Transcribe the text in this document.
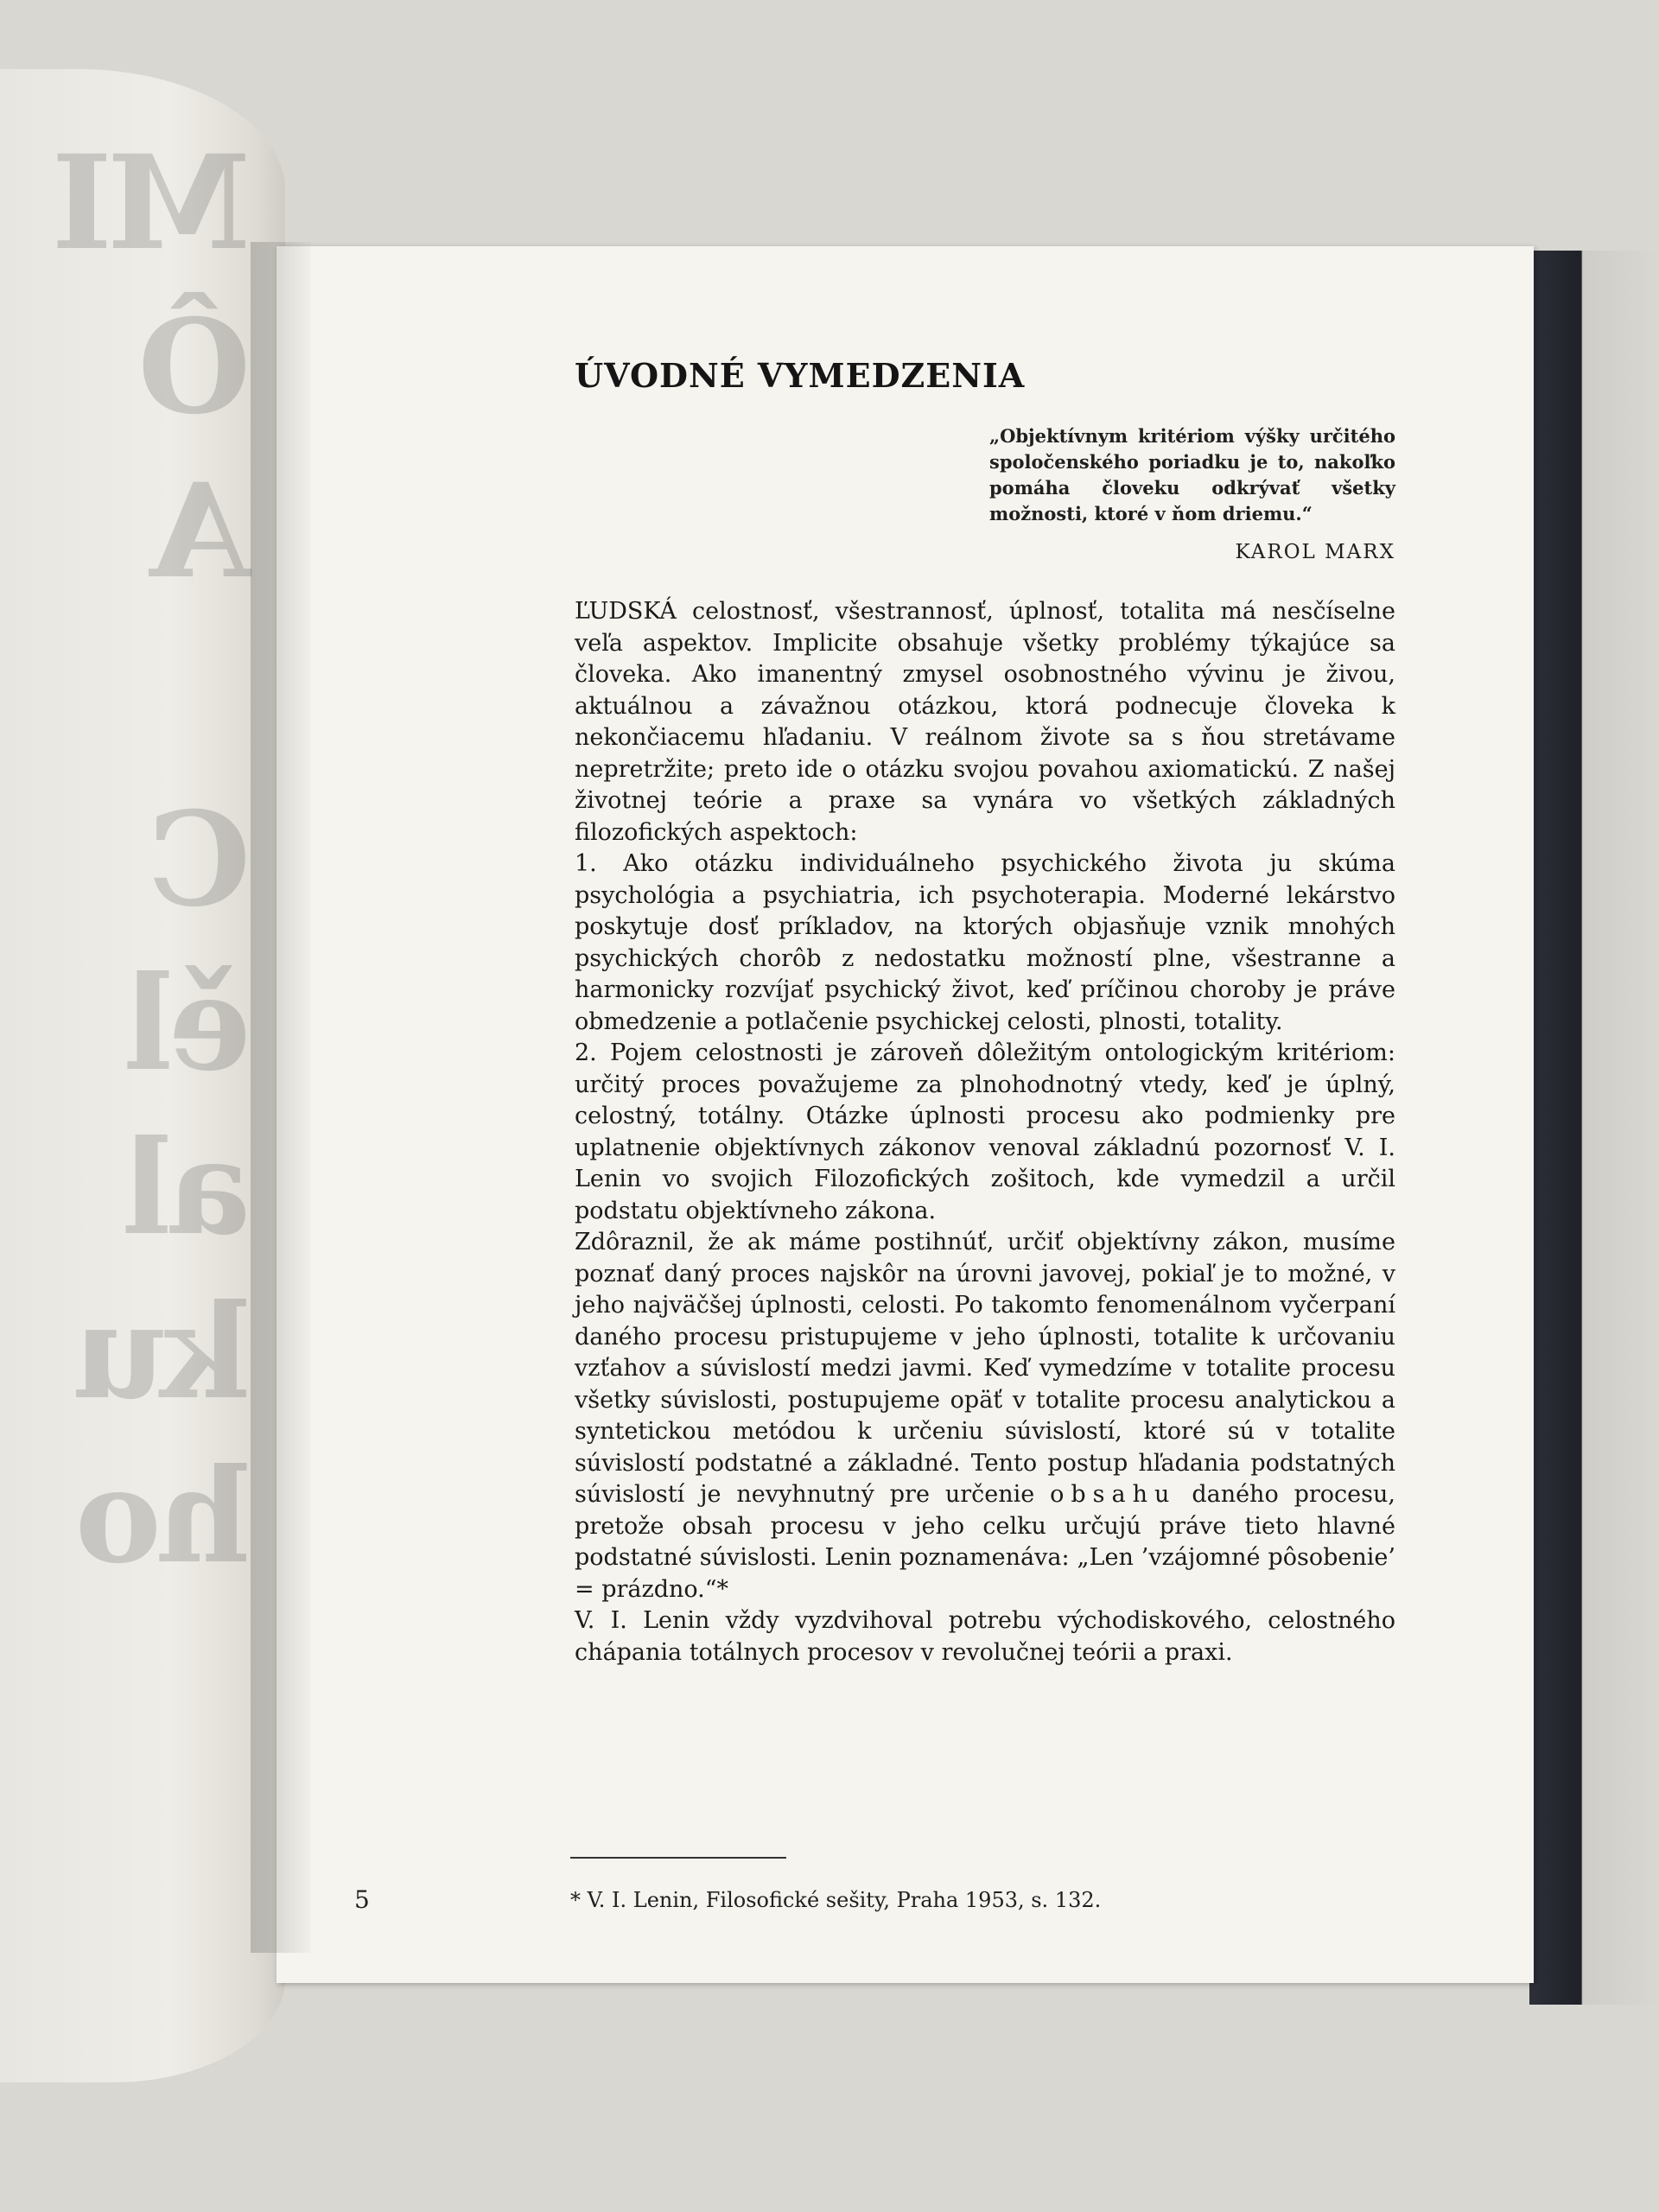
MI
Ô
A

C
ěl
al
ku
ho
ÚVODNÉ VYMEDZENIA
„Objektívnym kritériom výšky určitého spoločenského poriadku je to, nakoľko pomáha človeku odkrývať všetky možnosti, ktoré v ňom driemu.“
KAROL MARX

ĽUDSKÁ celostnosť, všestrannosť, úplnosť, totalita má nesčíselne veľa aspektov. Implicite obsahuje všetky problémy týkajúce sa človeka. Ako imanentný zmysel osobnostného vývinu je živou, aktuálnou a závažnou otázkou, ktorá podnecuje človeka k nekončiacemu hľadaniu. V reálnom živote sa s ňou stretávame nepretržite; preto ide o otázku svojou povahou axiomatickú. Z našej životnej teórie a praxe sa vynára vo všetkých základných filozofických aspektoch:

1. Ako otázku individuálneho psychického života ju skúma psychológia a psychiatria, ich psychoterapia. Moderné lekárstvo poskytuje dosť príkladov, na ktorých objasňuje vznik mnohých psychických chorôb z nedostatku možností plne, všestranne a harmonicky rozvíjať psychický život, keď príčinou choroby je práve obmedzenie a potlačenie psychickej celosti, plnosti, totality.

2. Pojem celostnosti je zároveň dôležitým ontologickým kritériom: určitý proces považujeme za plnohodnotný vtedy, keď je úplný, celostný, totálny. Otázke úplnosti procesu ako podmienky pre uplatnenie objektívnych zákonov venoval základnú pozornosť V. I. Lenin vo svojich Filozofických zošitoch, kde vymedzil a určil podstatu objektívneho zákona.

Zdôraznil, že ak máme postihnúť, určiť objektívny zákon, musíme poznať daný proces najskôr na úrovni javovej, pokiaľ je to možné, v jeho najväčšej úplnosti, celosti. Po takomto fenomenálnom vyčerpaní daného procesu pristupujeme v jeho úplnosti, totalite k určovaniu vzťahov a súvislostí medzi javmi. Keď vymedzíme v totalite procesu všetky súvislosti, postupujeme opäť v totalite procesu analytickou a syntetickou metódou k určeniu súvislostí, ktoré sú v totalite súvislostí podstatné a základné. Tento postup hľadania podstatných súvislostí je nevyhnutný pre určenie obsahu daného procesu, pretože obsah procesu v jeho celku určujú práve tieto hlavné podstatné súvislosti. Lenin poznamenáva: „Len ’vzájomné pôsobenie’ = prázdno.“*

V. I. Lenin vždy vyzdvihoval potrebu východiskového, celostného chápania totálnych procesov v revolučnej teórii a praxi.

5	* V. I. Lenin, Filosofické sešity, Praha 1953, s. 132.
